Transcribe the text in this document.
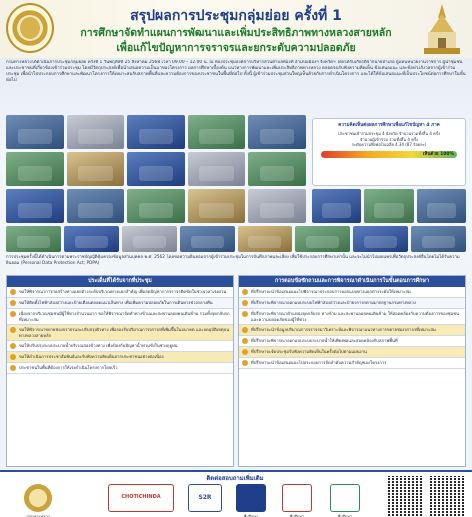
สรุปผลการประชุมกลุ่มย่อย ครั้งที่ 1
การศึกษาจัดทำแผนการพัฒนาและเพิ่มประสิทธิภาพทางหลวงสายหลัก
เพื่อแก้ไขปัญหาการจราจรและยกระดับความปลอดภัย
กรมทางหลวงได้ดำเนินการประชุมกลุ่มย่อย ครั้งที่ 1 วันพฤหัสที่ 25 สิงหาคม 2568 เวลา 09.00 – 12.00 น. ณ ห้องประชุมองค์การบริหารส่วนตำบลท้องที่ อำเภอเมืองฯ จังหวัดฯ โดยได้รับเกียรติจากนายอำเภอ ผู้แทนหน่วยงานราชการ ผู้นำชุมชน และประชาชนที่เกี่ยวข้องเข้าร่วมประชุม โดยมีวัตถุประสงค์เพื่อนำเสนอความเป็นมาของโครงการ ผลการศึกษาเบื้องต้น แนวทางการพัฒนาและเพิ่มประสิทธิภาพทางหลวง ตลอดจนรับฟังความคิดเห็น ข้อเสนอแนะ และข้อห่วงกังวลจากผู้เข้าร่วมประชุม เพื่อนำไปประกอบการศึกษาและพัฒนาโครงการให้เหมาะสมกับสภาพพื้นที่และความต้องการของประชาชนในพื้นที่ต่อไป ทั้งนี้ ผู้เข้าร่วมประชุมส่วนใหญ่เห็นด้วยกับการดำเนินโครงการ และได้ให้ข้อเสนอแนะที่เป็นประโยชน์ต่อการศึกษาในขั้นต่อไป
ความคิดเห็นต่อผลการศึกษาเพื่อแก้ไขปัญหา 4 ภาค
ประชาชนเข้าร่วมประชุม 4 จังหวัด จำนวนรวมทั้งสิ้น 4 ครั้ง
จำนวนผู้เข้าร่วม รวมทั้งสิ้น 4 ครั้ง
ระดับความพึงพอใจเฉลี่ย 4.34 (87 ร้อยละ)
เห็นด้วย 100%
การประชุมครั้งนี้ได้ดำเนินการตามพระราชบัญญัติคุ้มครองข้อมูลส่วนบุคคล พ.ศ. 2562 โดยขอความยินยอมจากผู้เข้าร่วมประชุมในการบันทึกภาพและเสียง เพื่อใช้ประกอบการศึกษาเท่านั้น และจะไม่นำไปเผยแพร่เพื่อวัตถุประสงค์อื่นโดยไม่ได้รับความยินยอม (Personal Data Protection Act; PDPA)
ประเด็นที่ได้รับจากที่ประชุม
ขอให้พิจารณาการก่อสร้างทางแยกต่างระดับบริเวณทางแยกสำคัญ เพื่อลดปัญหาการจราจรติดขัดในช่วงเวลาเร่งด่วน
ขอให้ติดตั้งไฟฟ้าส่องสว่างและป้ายเตือนตลอดแนวเส้นทาง เพื่อเพิ่มความปลอดภัยในการเดินทางช่วงกลางคืน
เนื่องจากบริเวณชุมชนมีผู้ใช้ทางจำนวนมาก ขอให้พิจารณาจัดทำทางข้ามและสะพานลอยคนเดินข้าม รวมทั้งจุดกลับรถที่เหมาะสม
ขอให้พิจารณาขยายช่องจราจรและปรับปรุงผิวทาง เพื่อรองรับปริมาณการจราจรที่เพิ่มขึ้นในอนาคต และลดอุบัติเหตุบนทางหลวงสายหลัก
ขอให้ปรับปรุงระบบระบายน้ำบริเวณสองข้างทาง เพื่อป้องกันปัญหาน้ำท่วมขังในช่วงฤดูฝน
ขอให้ดำเนินการประชาสัมพันธ์และรับฟังความคิดเห็นจากประชาชนอย่างต่อเนื่อง
ประชาชนในพื้นที่ต้องการให้เร่งดำเนินโครงการโดยเร็ว
การตอบข้อซักถามและการพิจารณาดำเนินการในขั้นตอนการศึกษา
ที่ปรึกษาจะนำข้อเสนอแนะไปพิจารณาประกอบการออกแบบทางแยกต่างระดับให้เหมาะสม
ที่ปรึกษาจะพิจารณาออกแบบระบบไฟฟ้าส่องสว่างและป้ายจราจรตามมาตรฐานกรมทางหลวง
ที่ปรึกษาจะพิจารณาตำแหน่งจุดกลับรถ ทางข้าม และสะพานลอยคนเดินข้าม ให้สอดคล้องกับความต้องการของชุมชนและความปลอดภัยของผู้ใช้ทาง
ที่ปรึกษาจะนำข้อมูลปริมาณการจราจรมาวิเคราะห์และพิจารณาแนวทางการขยายช่องจราจรที่เหมาะสม
ที่ปรึกษาจะพิจารณาออกแบบระบบระบายน้ำให้เพียงพอและสอดคล้องกับสภาพพื้นที่
ที่ปรึกษาจะจัดประชุมรับฟังความคิดเห็นในครั้งต่อไปตามแผนงาน
ที่ปรึกษาจะนำข้อเสนอแนะไปประกอบการจัดลำดับความสำคัญของโครงการ
ติดต่อสอบถามเพิ่มเติม
กรมทางหลวง
CHOTICHINDA	S2R
ที่ปรึกษา	ที่ปรึกษา	ที่ปรึกษา
